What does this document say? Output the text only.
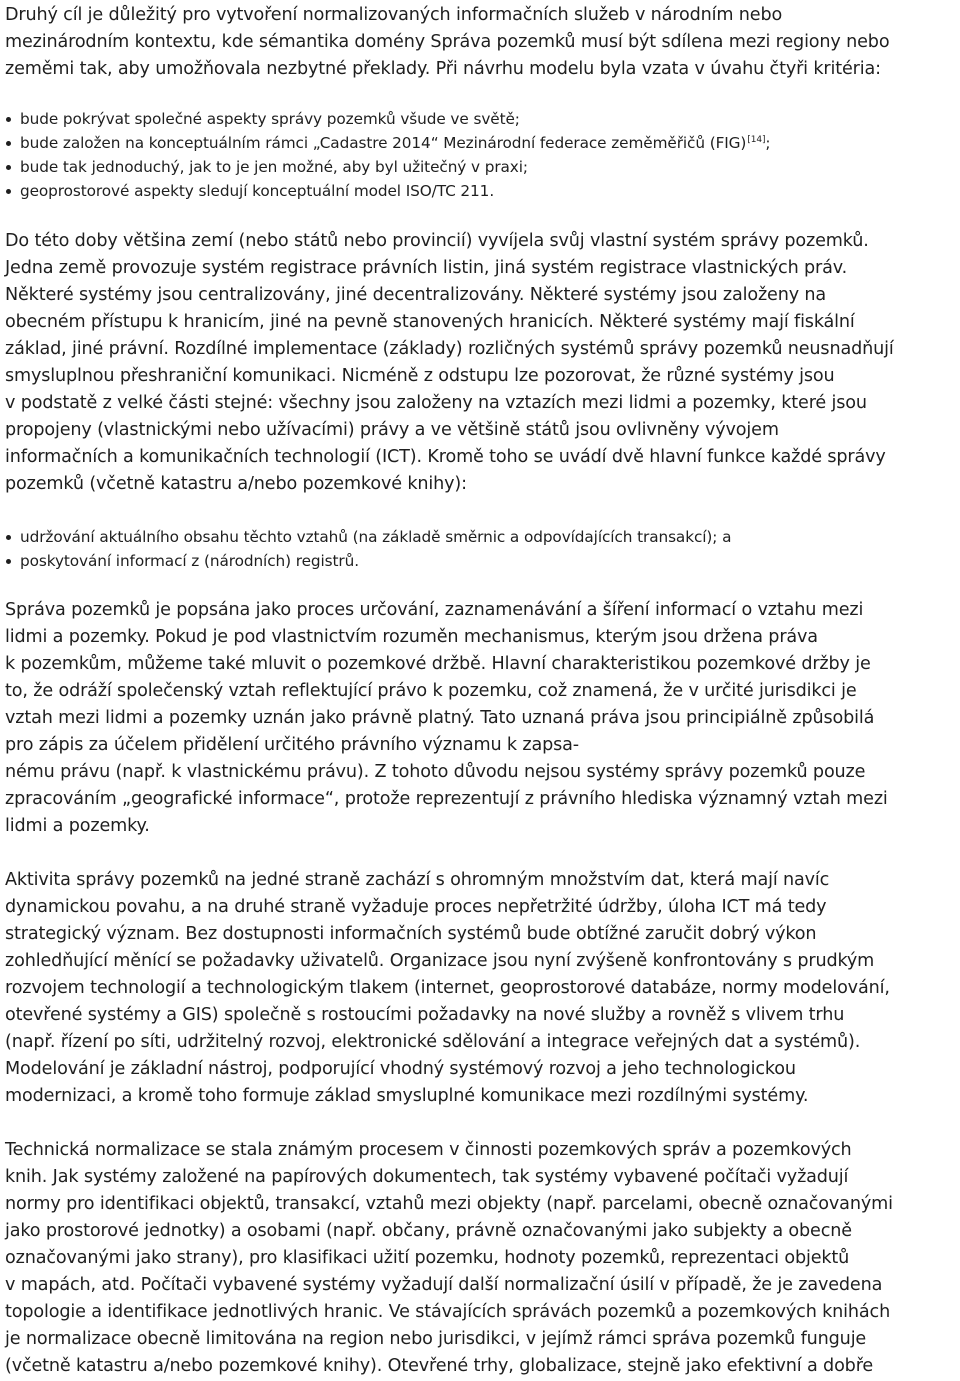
Druhý cíl je důležitý pro vytvoření normalizovaných informačních služeb v národním nebo
mezinárodním kontextu, kde sémantika domény Správa pozemků musí být sdílena mezi regiony nebo
zeměmi tak, aby umožňovala nezbytné překlady. Při návrhu modelu byla vzata v úvahu čtyři kritéria:

bude pokrývat společné aspekty správy pozemků všude ve světě;
bude založen na konceptuálním rámci „Cadastre 2014“ Mezinárodní federace zeměměřičů (FIG)[14];
bude tak jednoduchý, jak to je jen možné, aby byl užitečný v praxi;
geoprostorové aspekty sledují konceptuální model ISO/TC 211.

Do této doby většina zemí (nebo států nebo provincií) vyvíjela svůj vlastní systém správy pozemků.
Jedna země provozuje systém registrace právních listin, jiná systém registrace vlastnických práv.
Některé systémy jsou centralizovány, jiné decentralizovány. Některé systémy jsou založeny na
obecném přístupu k hranicím, jiné na pevně stanovených hranicích. Některé systémy mají fiskální
základ, jiné právní. Rozdílné implementace (základy) rozličných systémů správy pozemků neusnadňují
smysluplnou přeshraniční komunikaci. Nicméně z odstupu lze pozorovat, že různé systémy jsou
v podstatě z velké části stejné: všechny jsou založeny na vztazích mezi lidmi a pozemky, které jsou
propojeny (vlastnickými nebo užívacími) právy a ve většině států jsou ovlivněny vývojem
informačních a komunikačních technologií (ICT). Kromě toho se uvádí dvě hlavní funkce každé správy
pozemků (včetně katastru a/nebo pozemkové knihy):

udržování aktuálního obsahu těchto vztahů (na základě směrnic a odpovídajících transakcí); a
poskytování informací z (národních) registrů.

Správa pozemků je popsána jako proces určování, zaznamenávání a šíření informací o vztahu mezi
lidmi a pozemky. Pokud je pod vlastnictvím rozuměn mechanismus, kterým jsou držena práva
k pozemkům, můžeme také mluvit o pozemkové držbě. Hlavní charakteristikou pozemkové držby je
to, že odráží společenský vztah reflektující právo k pozemku, což znamená, že v určité jurisdikci je
vztah mezi lidmi a pozemky uznán jako právně platný. Tato uznaná práva jsou principiálně způsobilá
pro zápis za účelem přidělení určitého právního významu k zapsa-
nému právu (např. k vlastnickému právu). Z tohoto důvodu nejsou systémy správy pozemků pouze
zpracováním „geografické informace“, protože reprezentují z právního hlediska významný vztah mezi
lidmi a pozemky.

Aktivita správy pozemků na jedné straně zachází s ohromným množstvím dat, která mají navíc
dynamickou povahu, a na druhé straně vyžaduje proces nepřetržité údržby, úloha ICT má tedy
strategický význam. Bez dostupnosti informačních systémů bude obtížné zaručit dobrý výkon
zohledňující měnící se požadavky uživatelů. Organizace jsou nyní zvýšeně konfrontovány s prudkým
rozvojem technologií a technologickým tlakem (internet, geoprostorové databáze, normy modelování,
otevřené systémy a GIS) společně s rostoucími požadavky na nové služby a rovněž s vlivem trhu
(např. řízení po síti, udržitelný rozvoj, elektronické sdělování a integrace veřejných dat a systémů).
Modelování je základní nástroj, podporující vhodný systémový rozvoj a jeho technologickou
modernizaci, a kromě toho formuje základ smysluplné komunikace mezi rozdílnými systémy.

Technická normalizace se stala známým procesem v činnosti pozemkových správ a pozemkových
knih. Jak systémy založené na papírových dokumentech, tak systémy vybavené počítači vyžadují
normy pro identifikaci objektů, transakcí, vztahů mezi objekty (např. parcelami, obecně označovanými
jako prostorové jednotky) a osobami (např. občany, právně označovanými jako subjekty a obecně
označovanými jako strany), pro klasifikaci užití pozemku, hodnoty pozemků, reprezentaci objektů
v mapách, atd. Počítači vybavené systémy vyžadují další normalizační úsilí v případě, že je zavedena
topologie a identifikace jednotlivých hranic. Ve stávajících správách pozemků a pozemkových knihách
je normalizace obecně limitována na region nebo jurisdikci, v jejímž rámci správa pozemků funguje
(včetně katastru a/nebo pozemkové knihy). Otevřené trhy, globalizace, stejně jako efektivní a dobře
